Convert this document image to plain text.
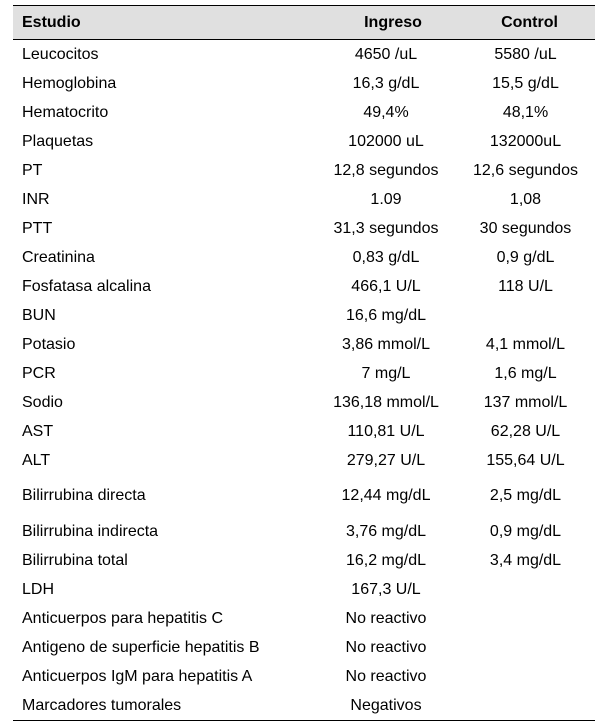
Estudio	Ingreso	Control
Leucocitos	4650 /uL	5580 /uL
Hemoglobina	16,3 g/dL	15,5 g/dL
Hematocrito	49,4%	48,1%
Plaquetas	102000 uL	132000uL
PT	12,8 segundos	12,6 segundos
INR	1.09	1,08
PTT	31,3 segundos	30 segundos
Creatinina	0,83 g/dL	0,9 g/dL
Fosfatasa alcalina	466,1 U/L	118 U/L
BUN	16,6 mg/dL
Potasio	3,86 mmol/L	4,1 mmol/L
PCR	7 mg/L	1,6 mg/L
Sodio	136,18 mmol/L	137 mmol/L
AST	110,81 U/L	62,28 U/L
ALT	279,27 U/L	155,64 U/L
Bilirrubina directa	12,44 mg/dL	2,5 mg/dL
Bilirrubina indirecta	3,76 mg/dL	0,9 mg/dL
Bilirrubina total	16,2 mg/dL	3,4 mg/dL
LDH	167,3 U/L
Anticuerpos para hepatitis C	No reactivo
Antigeno de superficie hepatitis B	No reactivo
Anticuerpos IgM para hepatitis A	No reactivo
Marcadores tumorales	Negativos
